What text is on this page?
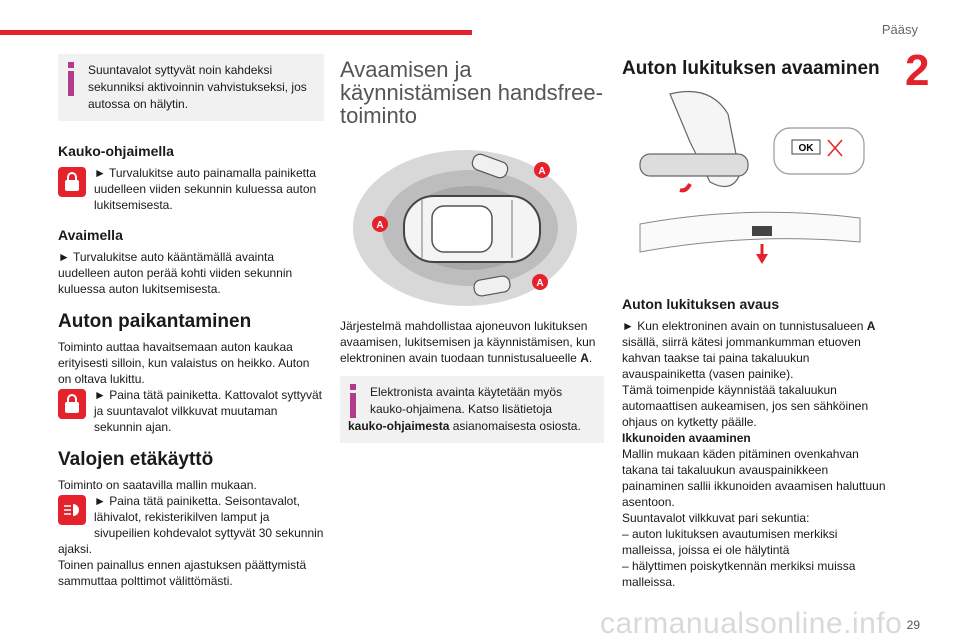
Pääsy
2
Suuntavalot syttyvät noin kahdeksi sekunniksi aktivoinnin vahvistukseksi, jos autossa on hälytin.
Kauko-ohjaimella

► Turvalukitse auto painamalla painiketta uudelleen viiden sekunnin kuluessa auton lukitsemisesta.

Avaimella

► Turvalukitse auto kääntämällä avainta uudelleen auton perää kohti viiden sekunnin kuluessa auton lukitsemisesta.

Auton paikantaminen

Toiminto auttaa havaitsemaan auton kaukaa erityisesti silloin, kun valaistus on heikko. Auton on oltava lukittu.

► Paina tätä painiketta. Kattovalot syttyvät ja suuntavalot vilkkuvat muutaman sekunnin ajan.

Valojen etäkäyttö

Toiminto on saatavilla mallin mukaan.

► Paina tätä painiketta. Seisontavalot, lähivalot, rekisterikilven lamput ja sivupeilien kohdevalot syttyvät 30 sekunnin ajaksi.

Toinen painallus ennen ajastuksen päättymistä sammuttaa polttimot välittömästi.

Avaamisen ja käynnistämisen handsfree-toiminto
A
A
A

Järjestelmä mahdollistaa ajoneuvon lukituksen avaamisen, lukitsemisen ja käynnistämisen, kun elektroninen avain tuodaan tunnistusalueelle A.

Elektronista avainta käytetään myös kauko-ohjaimena. Katso lisätietoja
kauko-ohjaimesta asianomaisesta osiosta.
Auton lukituksen avaaminen
OK
Auton lukituksen avaus

► Kun elektroninen avain on tunnistusalueen A sisällä, siirrä kätesi jommankumman etuoven kahvan taakse tai paina takaluukun avauspainiketta (vasen painike).

Tämä toimenpide käynnistää takaluukun automaattisen aukeamisen, jos sen sähköinen ohjaus on kytketty päälle.

Ikkunoiden avaaminen

Mallin mukaan käden pitäminen ovenkahvan takana tai takaluukun avauspainikkeen painaminen sallii ikkunoiden avaamisen haluttuun asentoon.

Suuntavalot vilkkuvat pari sekuntia:

– auton lukituksen avautumisen merkiksi malleissa, joissa ei ole hälytintä

– hälyttimen poiskytkennän merkiksi muissa malleissa.

carmanualsonline.info 29
